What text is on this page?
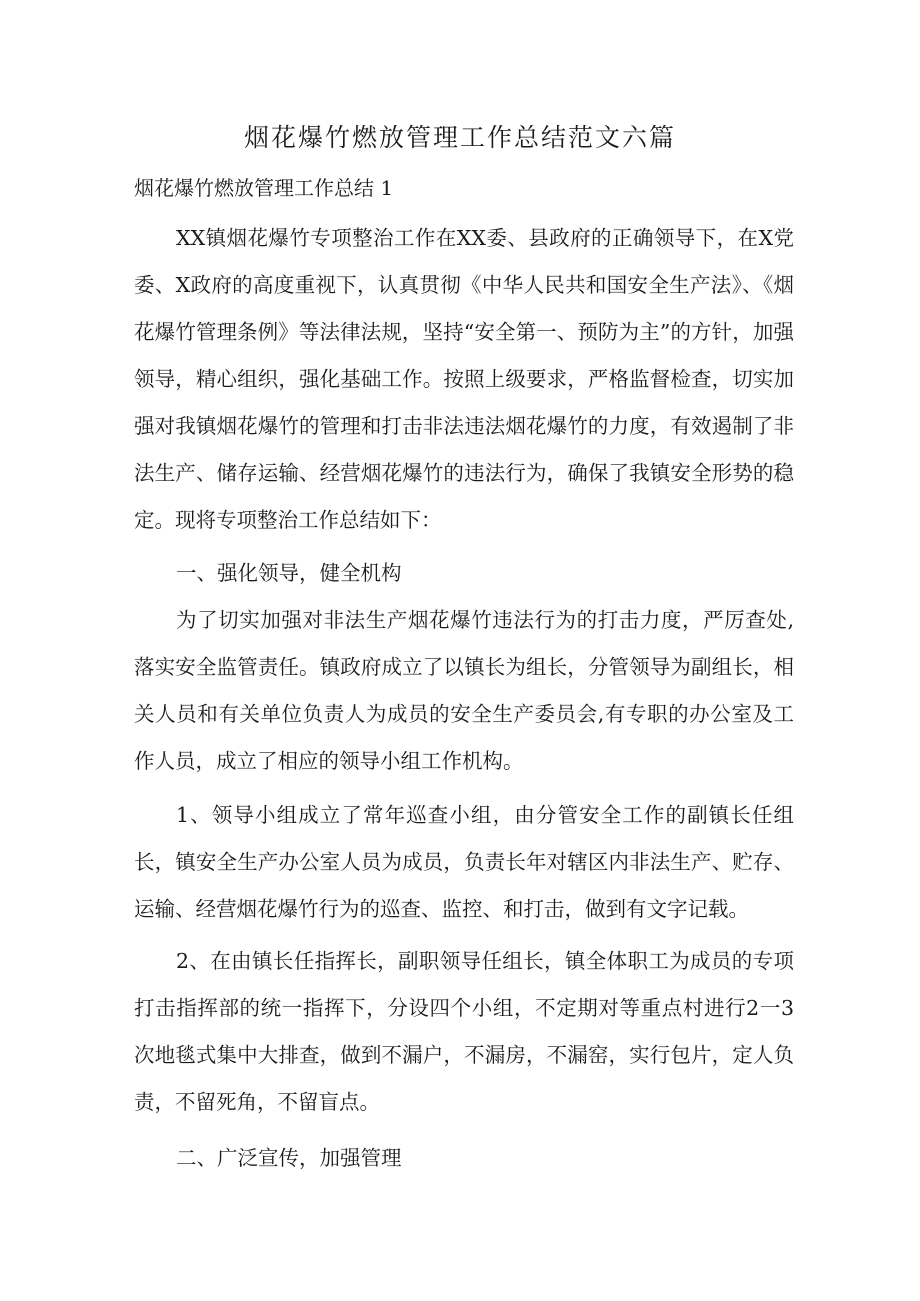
烟花爆竹燃放管理工作总结范文六篇
烟花爆竹燃放管理工作总结 1

XX镇烟花爆竹专项整治工作在XX委、县政府的正确领导下，在X党委、X政府的高度重视下，认真贯彻《中华人民共和国安全生产法》、《烟花爆竹管理条例》等法律法规，坚持“安全第一、预防为主”的方针，加强领导，精心组织，强化基础工作。按照上级要求，严格监督检查，切实加强对我镇烟花爆竹的管理和打击非法违法烟花爆竹的力度，有效遏制了非法生产、储存运输、经营烟花爆竹的违法行为，确保了我镇安全形势的稳定。现将专项整治工作总结如下：

一、强化领导，健全机构

为了切实加强对非法生产烟花爆竹违法行为的打击力度，严厉查处,落实安全监管责任。镇政府成立了以镇长为组长，分管领导为副组长，相关人员和有关单位负责人为成员的安全生产委员会,有专职的办公室及工作人员，成立了相应的领导小组工作机构。

1、领导小组成立了常年巡查小组，由分管安全工作的副镇长任组长，镇安全生产办公室人员为成员，负责长年对辖区内非法生产、贮存、运输、经营烟花爆竹行为的巡查、监控、和打击，做到有文字记载。

2、在由镇长任指挥长，副职领导任组长，镇全体职工为成员的专项打击指挥部的统一指挥下，分设四个小组，不定期对等重点村进行2一3次地毯式集中大排查，做到不漏户，不漏房，不漏窑，实行包片，定人负责，不留死角，不留盲点。

二、广泛宣传，加强管理
